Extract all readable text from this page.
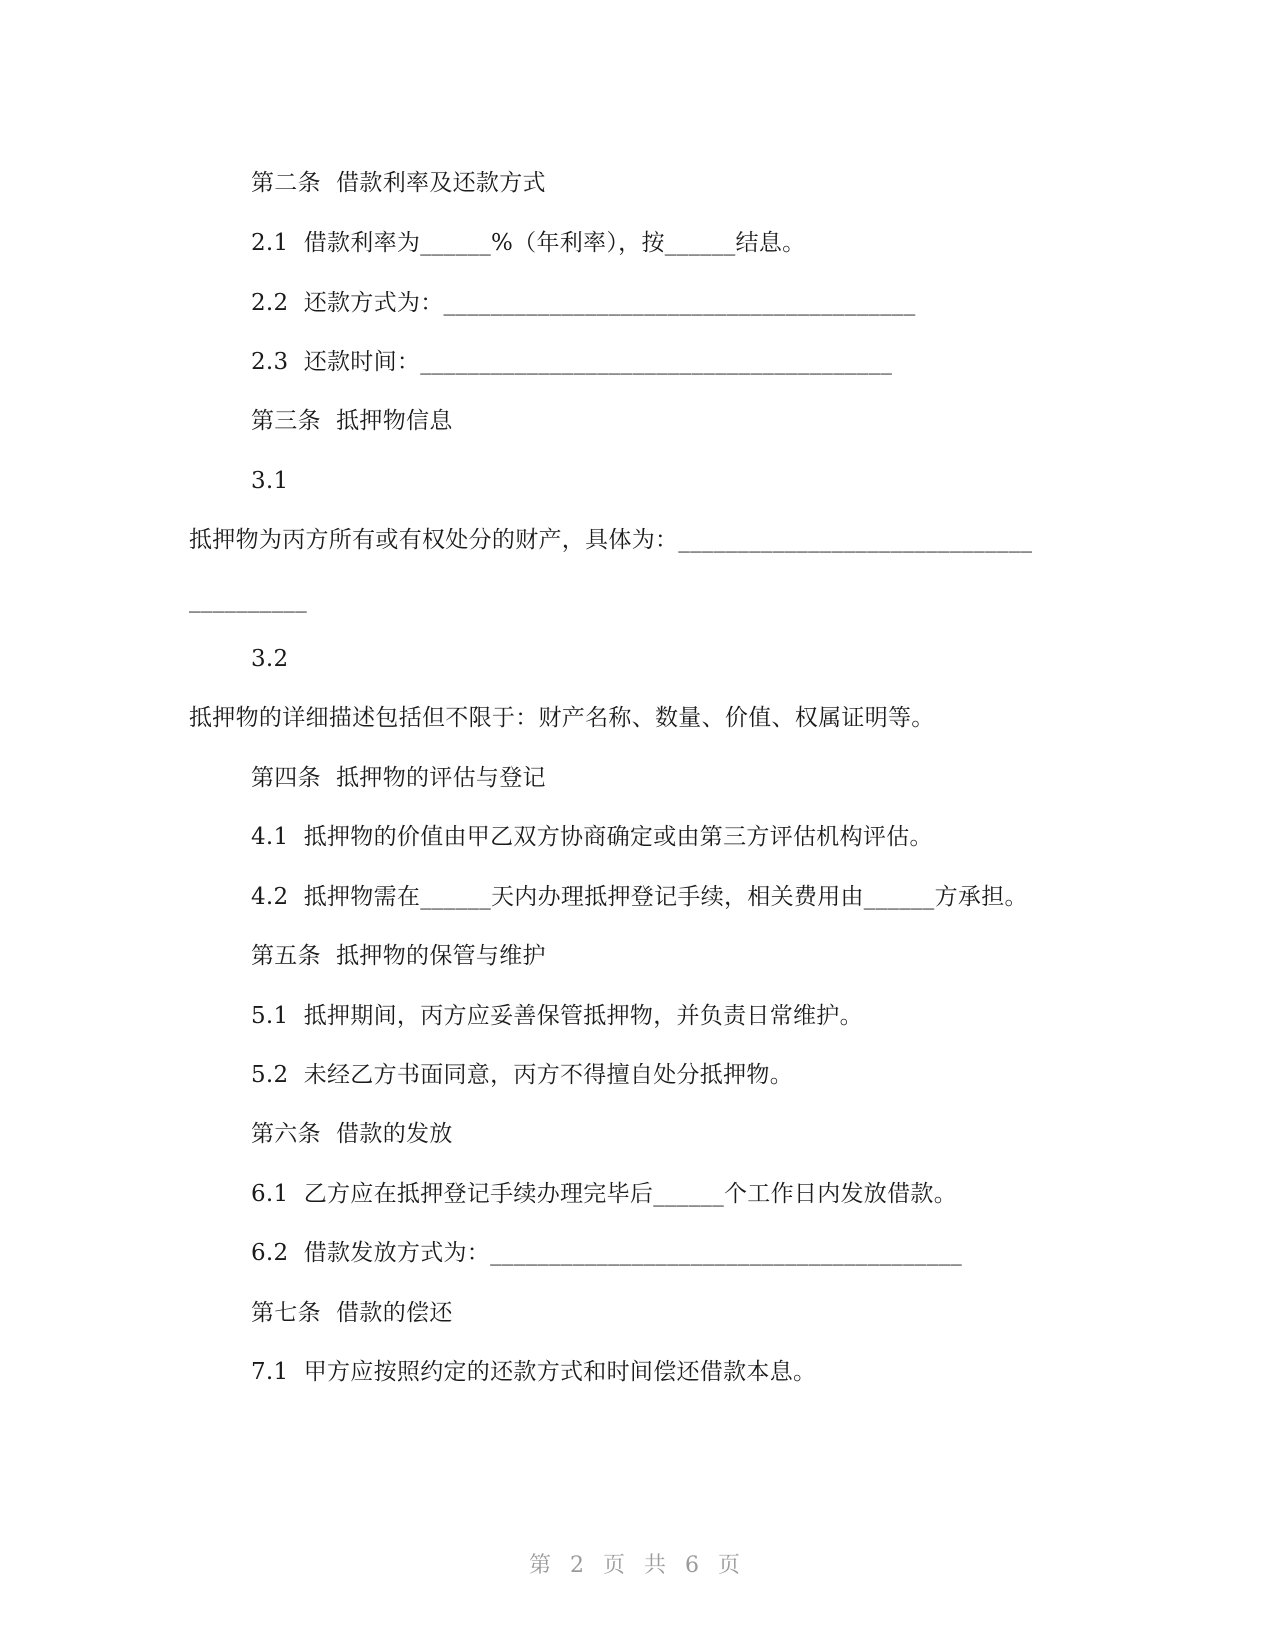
第二条  借款利率及还款方式
2.1  借款利率为______%（年利率），按______结息。
2.2  还款方式为：________________________________________
2.3  还款时间：________________________________________
第三条  抵押物信息
3.1
抵押物为丙方所有或有权处分的财产，具体为：______________________________
__________
3.2
抵押物的详细描述包括但不限于：财产名称、数量、价值、权属证明等。
第四条  抵押物的评估与登记
4.1  抵押物的价值由甲乙双方协商确定或由第三方评估机构评估。
4.2  抵押物需在______天内办理抵押登记手续，相关费用由______方承担。
第五条  抵押物的保管与维护
5.1  抵押期间，丙方应妥善保管抵押物，并负责日常维护。
5.2  未经乙方书面同意，丙方不得擅自处分抵押物。
第六条  借款的发放
6.1  乙方应在抵押登记手续办理完毕后______个工作日内发放借款。
6.2  借款发放方式为：________________________________________
第七条  借款的偿还
7.1  甲方应按照约定的还款方式和时间偿还借款本息。
第 2 页 共 6 页
